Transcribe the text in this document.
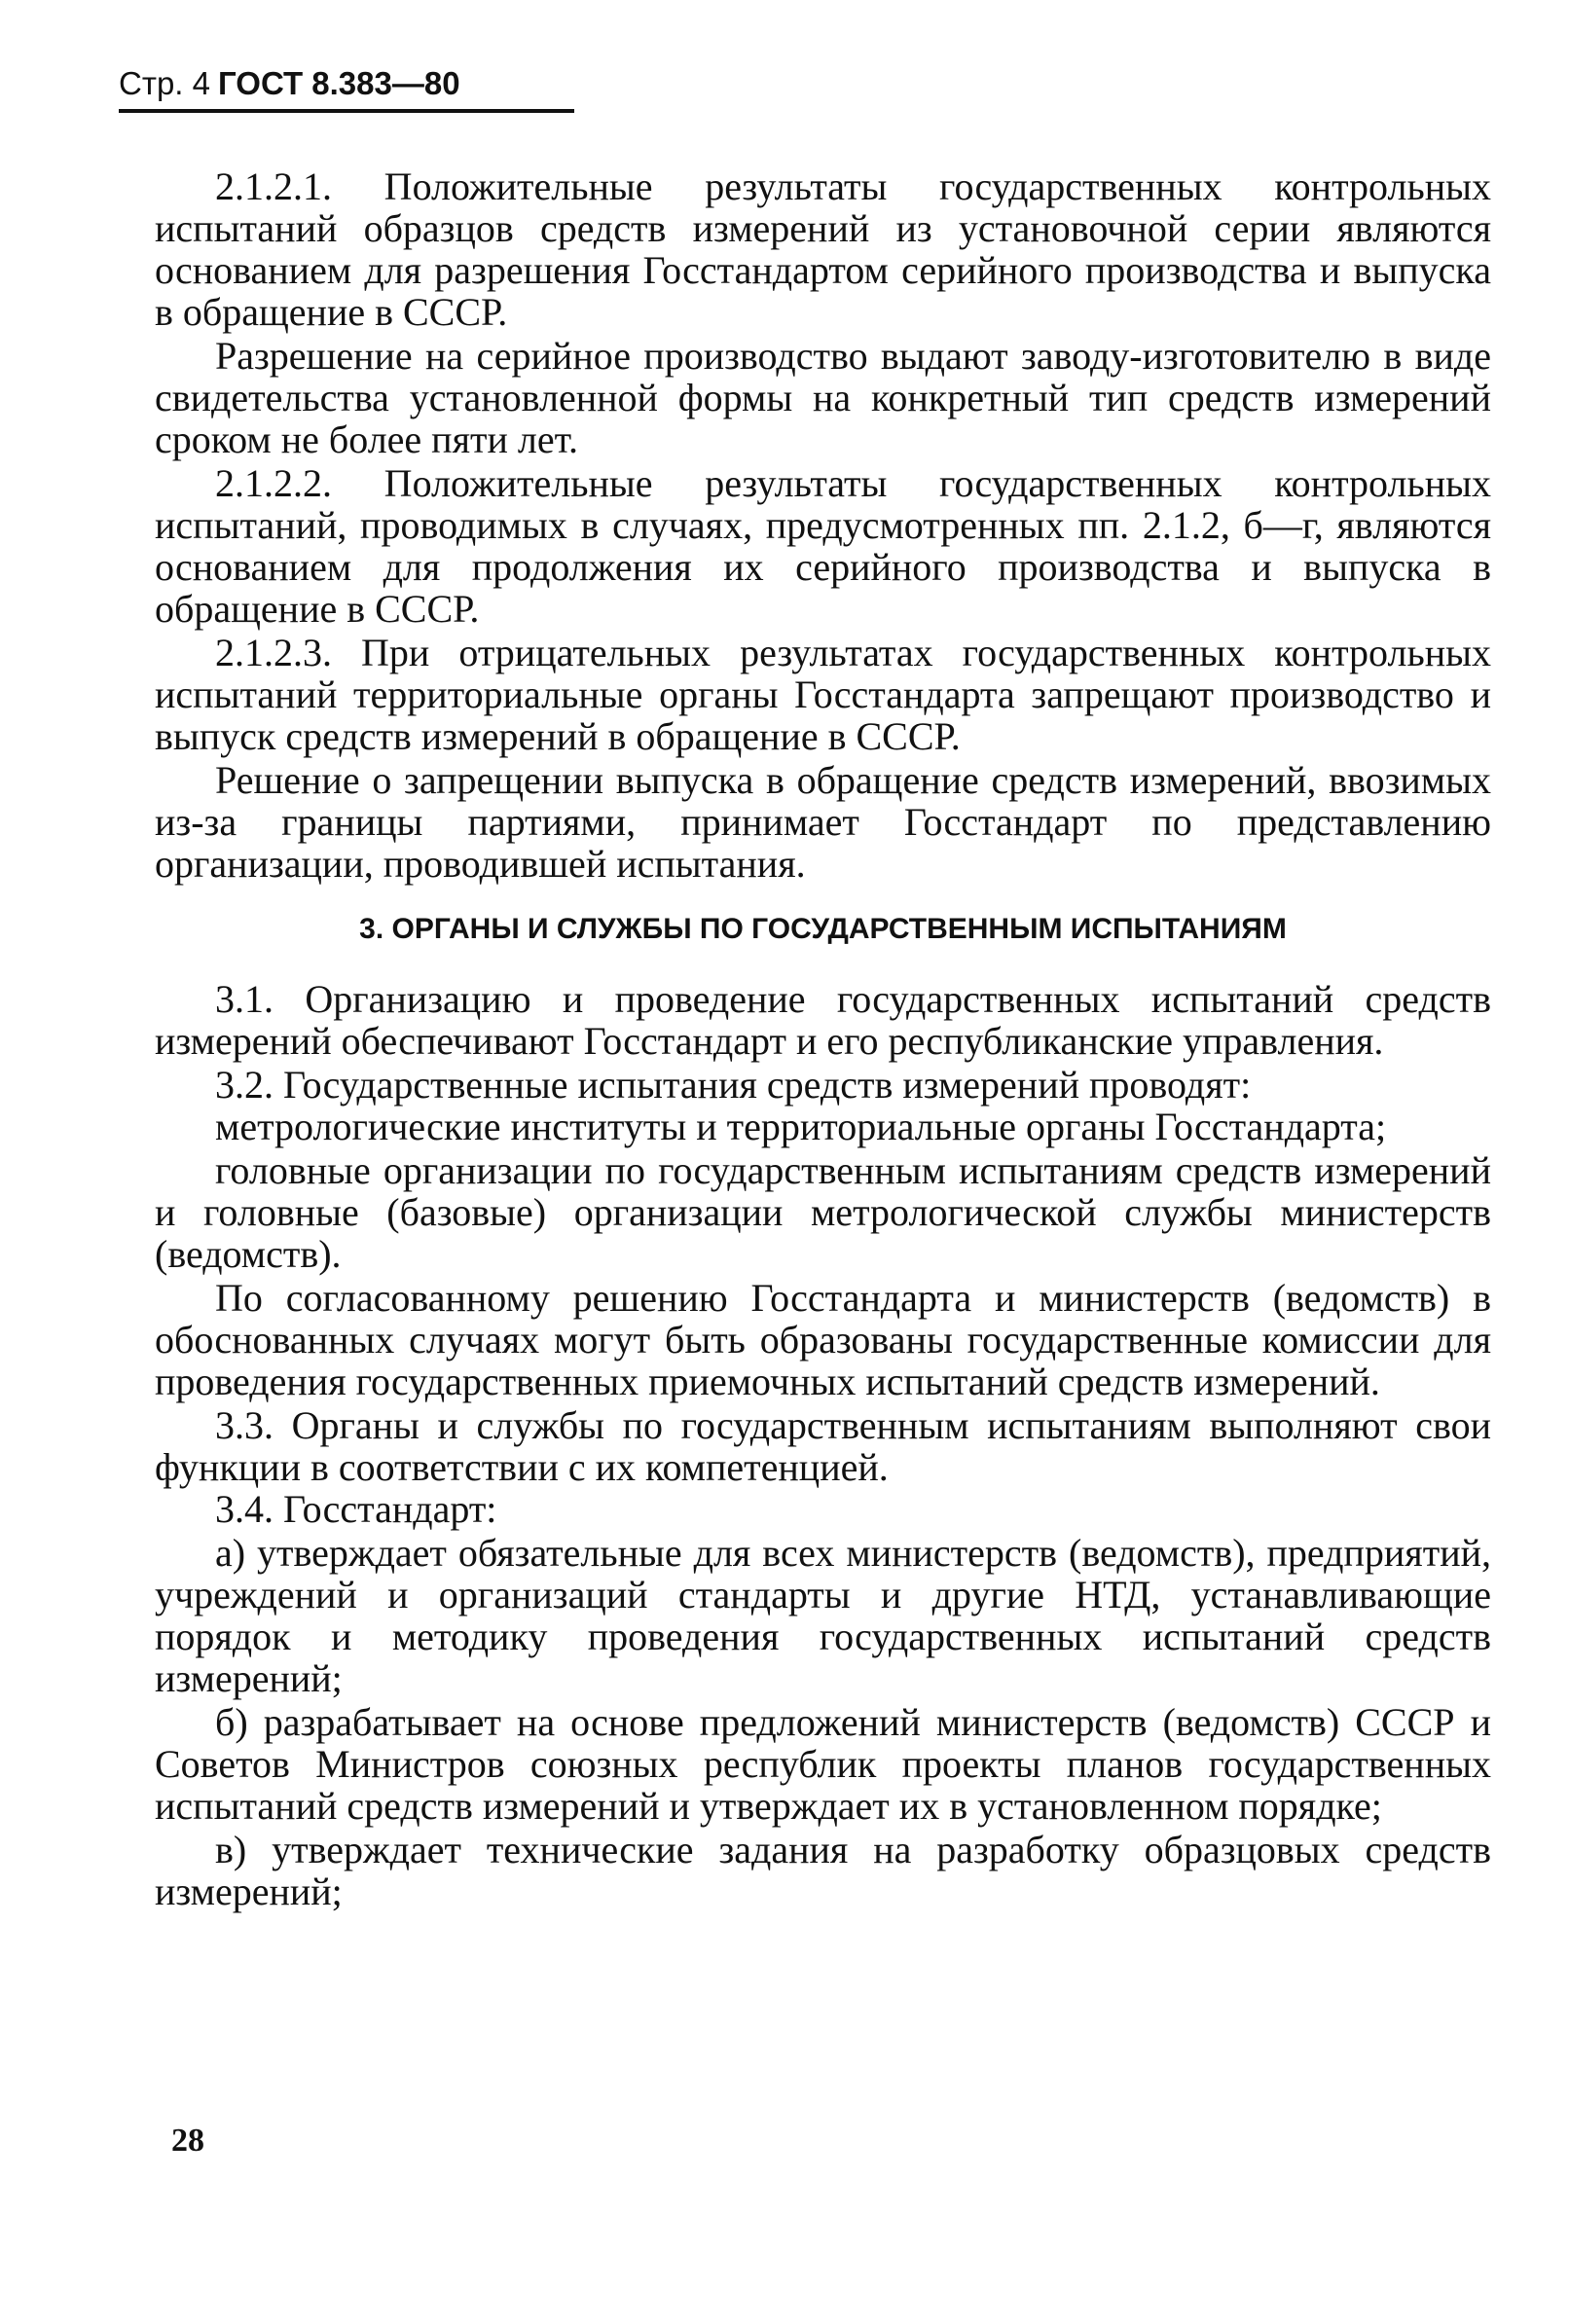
Стр. 4 ГОСТ 8.383—80

2.1.2.1. Положительные результаты государственных контрольных испытаний образцов средств измерений из установочной серии являются основанием для разрешения Госстандартом серийного производства и выпуска в обращение в СССР.

Разрешение на серийное производство выдают заводу-изготовителю в виде свидетельства установленной формы на конкретный тип средств измерений сроком не более пяти лет.

2.1.2.2. Положительные результаты государственных контрольных испытаний, проводимых в случаях, предусмотренных пп. 2.1.2, б—г, являются основанием для продолжения их серийного производства и выпуска в обращение в СССР.

2.1.2.3. При отрицательных результатах государственных контрольных испытаний территориальные органы Госстандарта запрещают производство и выпуск средств измерений в обращение в СССР.

Решение о запрещении выпуска в обращение средств измерений, ввозимых из-за границы партиями, принимает Госстандарт по представлению организации, проводившей испытания.

3. ОРГАНЫ И СЛУЖБЫ ПО ГОСУДАРСТВЕННЫМ ИСПЫТАНИЯМ

3.1. Организацию и проведение государственных испытаний средств измерений обеспечивают Госстандарт и его республиканские управления.

3.2. Государственные испытания средств измерений проводят:

метрологические институты и территориальные органы Госстандарта;

головные организации по государственным испытаниям средств измерений и головные (базовые) организации метрологической службы министерств (ведомств).

По согласованному решению Госстандарта и министерств (ведомств) в обоснованных случаях могут быть образованы государственные комиссии для проведения государственных приемочных испытаний средств измерений.

3.3. Органы и службы по государственным испытаниям выполняют свои функции в соответствии с их компетенцией.

3.4. Госстандарт:

а) утверждает обязательные для всех министерств (ведомств), предприятий, учреждений и организаций стандарты и другие НТД, устанавливающие порядок и методику проведения государственных испытаний средств измерений;

б) разрабатывает на основе предложений министерств (ведомств) СССР и Советов Министров союзных республик проекты планов государственных испытаний средств измерений и утверждает их в установленном порядке;

в) утверждает технические задания на разработку образцовых средств измерений;

28
